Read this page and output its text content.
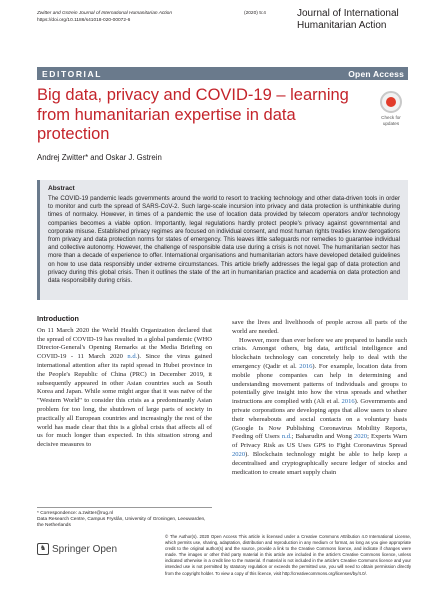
Zwitter and Gstrein Journal of International Humanitarian Action
https://doi.org/10.1186/s41018-020-00072-6
(2020) 5:4	Journal of International Humanitarian Action
EDITORIAL	Open Access
Big data, privacy and COVID-19 – learning from humanitarian expertise in data protection
Check for updates
Andrej Zwitter* and Oskar J. Gstrein
Abstract

The COVID-19 pandemic leads governments around the world to resort to tracking technology and other data-driven tools in order to monitor and curb the spread of SARS-CoV-2. Such large-scale incursion into privacy and data protection is unthinkable during times of normalcy. However, in times of a pandemic the use of location data provided by telecom operators and/or technology companies becomes a viable option. Importantly, legal regulations hardly protect people's privacy against governmental and corporate misuse. Established privacy regimes are focused on individual consent, and most human rights treaties know derogations from privacy and data protection norms for states of emergency. This leaves little safeguards nor remedies to guarantee individual and collective autonomy. However, the challenge of responsible data use during a crisis is not novel. The humanitarian sector has more than a decade of experience to offer. International organisations and humanitarian actors have developed detailed guidelines on how to use data responsibly under extreme circumstances. This article briefly addresses the legal gap of data protection and privacy during this global crisis. Then it outlines the state of the art in humanitarian practice and academia on data protection and data responsibility during crisis.

Introduction

On 11 March 2020 the World Health Organization declared that the spread of COVID-19 has resulted in a global pandemic (WHO Director-General's Opening Remarks at the Media Briefing on COVID-19 - 11 March 2020 n.d.). Since the virus gained international attention after its rapid spread in Hubei province in the People's Republic of China (PRC) in December 2019, it subsequently appeared in other Asian countries such as South Korea and Japan. While some might argue that it was naïve of the "Western World" to consider this crisis as a predominantly Asian problem for too long, the shutdown of large parts of society in practically all European countries and increasingly the rest of the world has made clear that this is a global crisis that affects all of us for much longer than expected. In this situation strong and decisive measures to

save the lives and livelihoods of people across all parts of the world are needed.

However, more than ever before we are prepared to handle such crisis. Amongst others, big data, artificial intelligence and blockchain technology can concretely help to deal with the emergency (Qadir et al. 2016). For example, location data from mobile phone companies can help in determining and understanding movement patterns of individuals and groups to potentially give insight into how the virus spreads and whether instructions are complied with (Ali et al. 2016). Governments and private corporations are developing apps that allow users to share their whereabouts and social contacts on a voluntary basis (Google Is Now Publishing Coronavirus Mobility Reports, Feeding off Users n.d.; Baharudin and Wong 2020; Experts Warn of Privacy Risk as US Uses GPS to Fight Coronavirus Spread 2020). Blockchain technology might be able to help keep a decentralised and cryptographically secure ledger of stocks and medication to create smart supply chain

* Correspondence: a.zwitter@rug.nl
Data Research Centre, Campus Fryslân, University of Groningen, Leeuwarden, the Netherlands
♞ Springer Open
© The Author(s). 2020 Open Access This article is licensed under a Creative Commons Attribution 4.0 International License, which permits use, sharing, adaptation, distribution and reproduction in any medium or format, as long as you give appropriate credit to the original author(s) and the source, provide a link to the Creative Commons licence, and indicate if changes were made. The images or other third party material in this article are included in the article's Creative Commons licence, unless indicated otherwise in a credit line to the material. If material is not included in the article's Creative Commons licence and your intended use is not permitted by statutory regulation or exceeds the permitted use, you will need to obtain permission directly from the copyright holder. To view a copy of this licence, visit http://creativecommons.org/licenses/by/4.0/.
